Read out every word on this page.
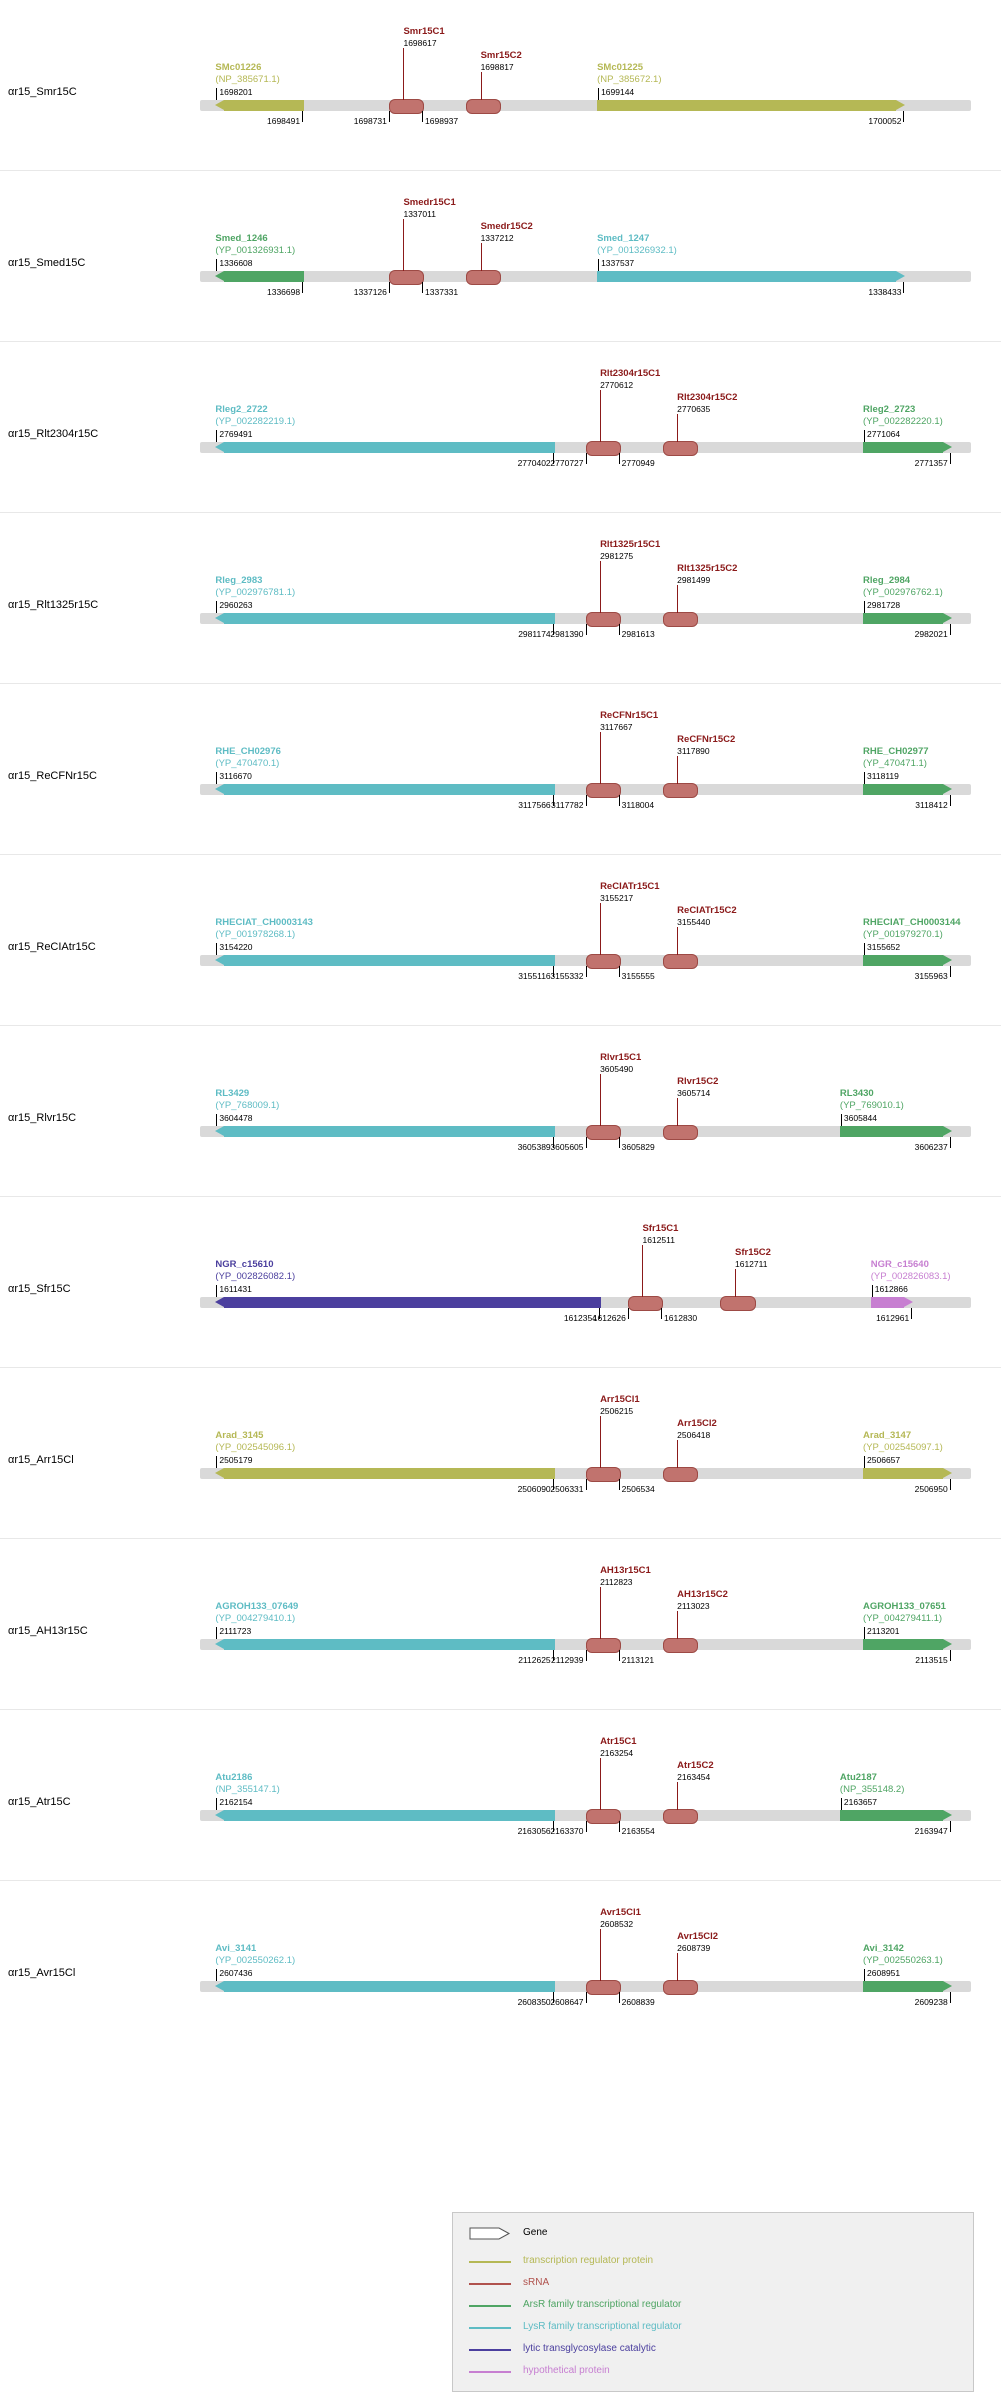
αr15_Smr15C
SMc01226
(NP_385671.1)
1698201
1698491
SMc01225
(NP_385672.1)
1699144
1700052
Smr15C1
1698617
1698731	1698937
Smr15C2
1698817
αr15_Smed15C
Smed_1246
(YP_001326931.1)
1336608
1336698
Smed_1247
(YP_001326932.1)
1337537
1338433
Smedr15C1
1337011
1337126	1337331
Smedr15C2
1337212
αr15_Rlt2304r15C
Rleg2_2722
(YP_002282219.1)
2769491
2770402
Rleg2_2723
(YP_002282220.1)
2771064
2771357
Rlt2304r15C1
2770612
2770727	2770949
Rlt2304r15C2
2770635
αr15_Rlt1325r15C
Rleg_2983
(YP_002976781.1)
2960263
2981174
Rleg_2984
(YP_002976762.1)
2981728
2982021
Rlt1325r15C1
2981275
2981390	2981613
Rlt1325r15C2
2981499
αr15_ReCFNr15C
RHE_CH02976
(YP_470470.1)
3116670
3117566
RHE_CH02977
(YP_470471.1)
3118119
3118412
ReCFNr15C1
3117667
3117782	3118004
ReCFNr15C2
3117890
αr15_ReCIAtr15C
RHECIAT_CH0003143
(YP_001978268.1)
3154220
3155116
RHECIAT_CH0003144
(YP_001979270.1)
3155652
3155963
ReCIATr15C1
3155217
3155332	3155555
ReCIATr15C2
3155440
αr15_Rlvr15C
RL3429
(YP_768009.1)
3604478
3605389
RL3430
(YP_769010.1)
3605844
3606237
Rlvr15C1
3605490
3605605	3605829
Rlvr15C2
3605714
αr15_Sfr15C
NGR_c15610
(YP_002826082.1)
1611431
1612354
NGR_c15640
(YP_002826083.1)
1612866
1612961
Sfr15C1
1612511
1612626	1612830
Sfr15C2
1612711
αr15_Arr15Cl
Arad_3145
(YP_002545096.1)
2505179
2506090
Arad_3147
(YP_002545097.1)
2506657
2506950
Arr15Cl1
2506215
2506331	2506534
Arr15Cl2
2506418
αr15_AH13r15C
AGROH133_07649
(YP_004279410.1)
2111723
2112625
AGROH133_07651
(YP_004279411.1)
2113201
2113515
AH13r15C1
2112823
2112939	2113121
AH13r15C2
2113023
αr15_Atr15C
Atu2186
(NP_355147.1)
2162154
2163056
Atu2187
(NP_355148.2)
2163657
2163947
Atr15C1
2163254
2163370	2163554
Atr15C2
2163454
αr15_Avr15Cl
Avi_3141
(YP_002550262.1)
2607436
2608350
Avi_3142
(YP_002550263.1)
2608951
2609238
Avr15Cl1
2608532
2608647	2608839
Avr15Cl2
2608739
Gene
transcription regulator protein
sRNA
ArsR family transcriptional regulator
LysR family transcriptional regulator
lytic transglycosylase catalytic
hypothetical protein
